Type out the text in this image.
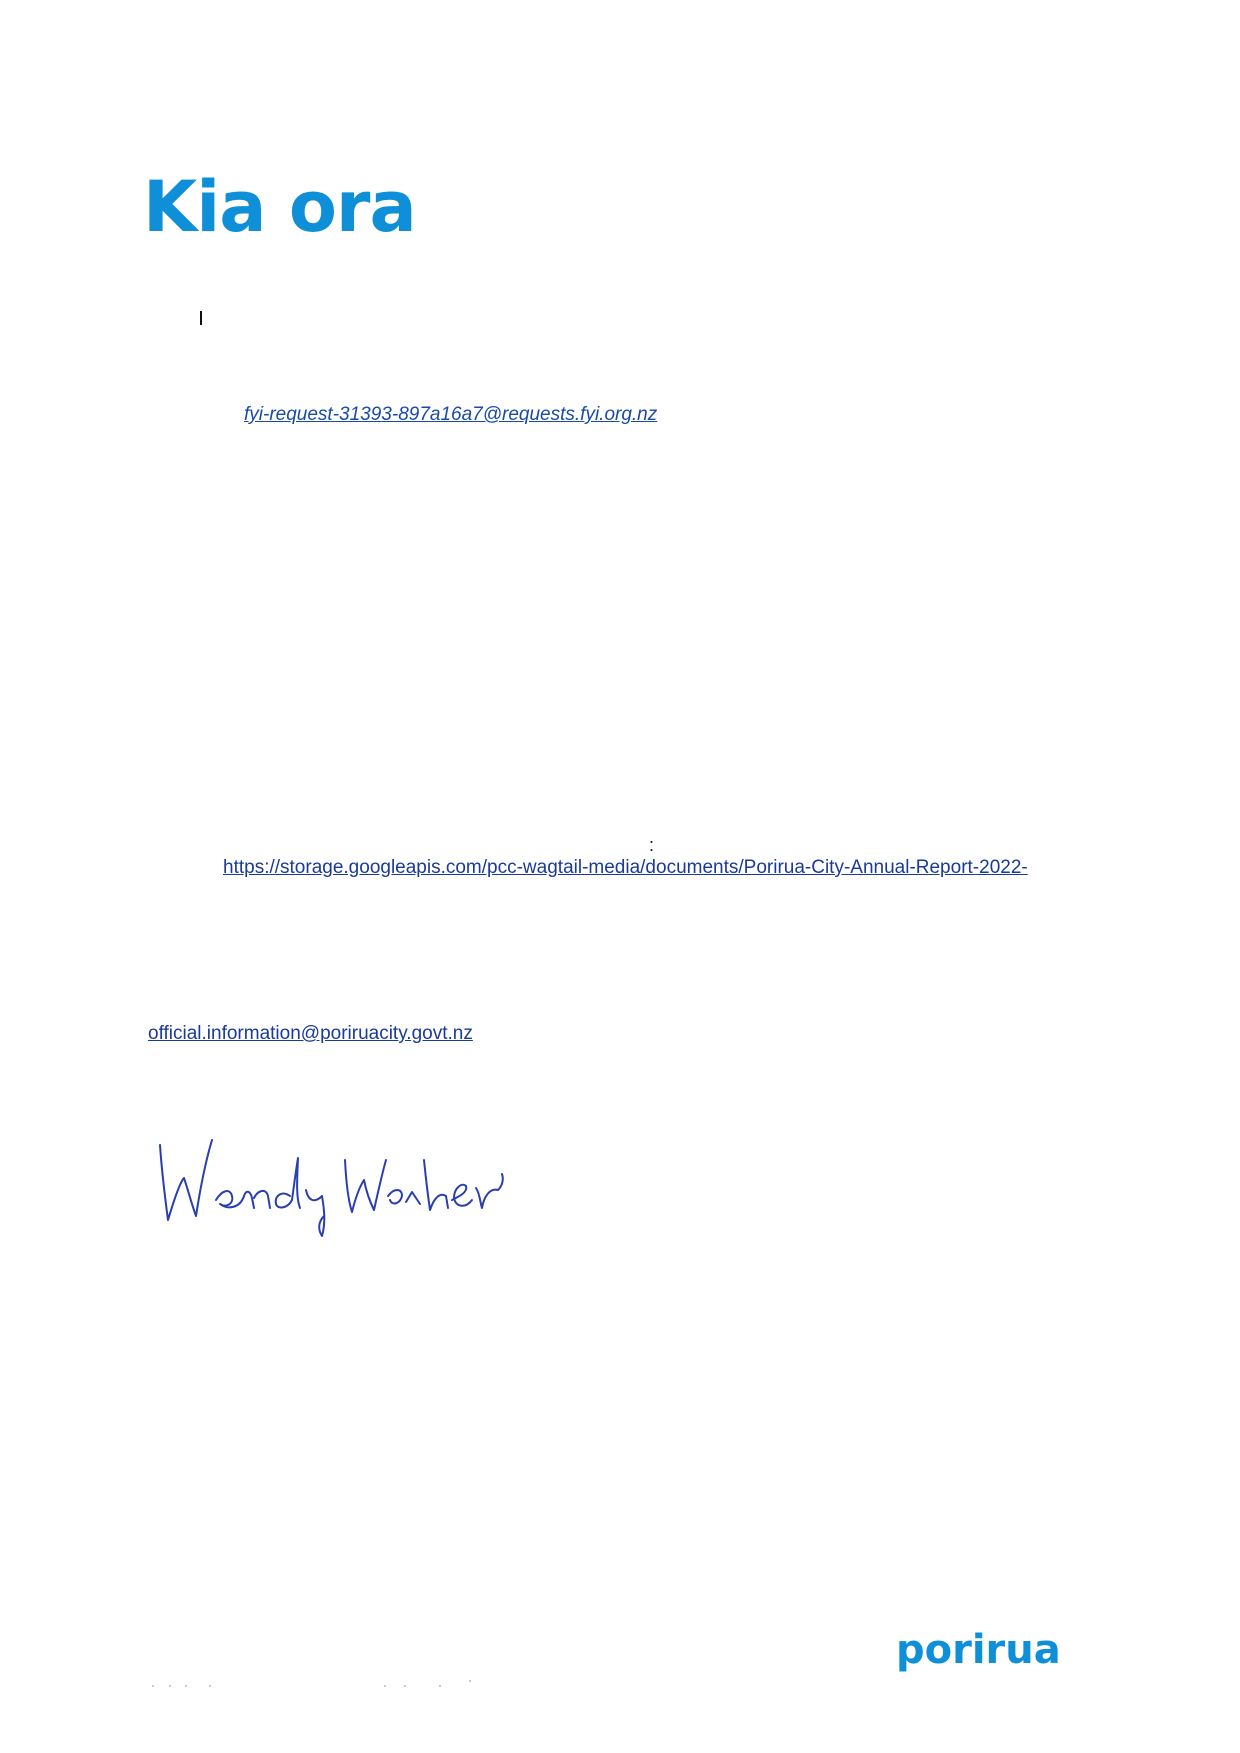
Kia ora
fyi-request-31393-897a16a7@requests.fyi.org.nz
:
https://storage.googleapis.com/pcc-wagtail-media/documents/Porirua-City-Annual-Report-2022-
official.information@poriruacity.govt.nz
porirua
